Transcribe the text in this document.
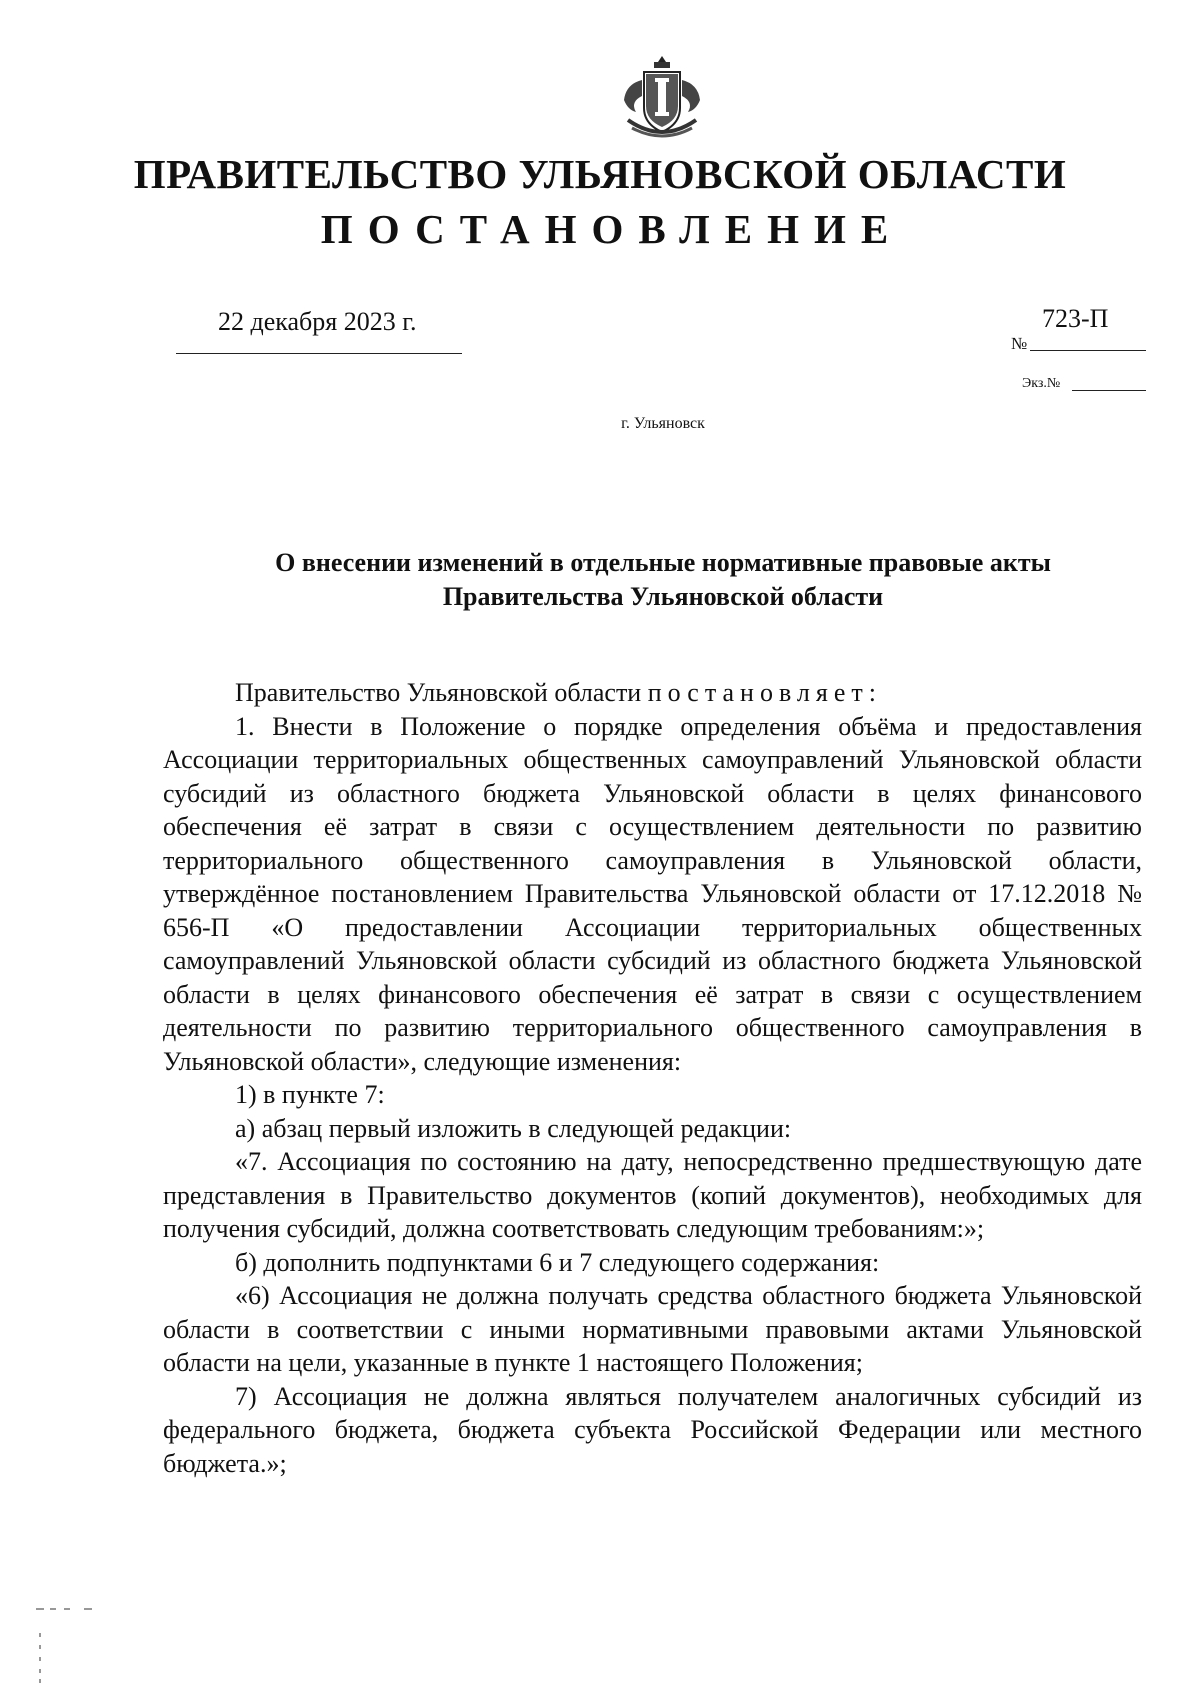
ПРАВИТЕЛЬСТВО УЛЬЯНОВСКОЙ ОБЛАСТИ
ПОСТАНОВЛЕНИЕ
22 декабря 2023 г.
№
723-П
Экз.№
г. Ульяновск
О внесении изменений в отдельные нормативные правовые акты
Правительства Ульяновской области

Правительство Ульяновской области постановляет:

1. Внести в Положение о порядке определения объёма и предоставления Ассоциации территориальных общественных самоуправлений Ульяновской области субсидий из областного бюджета Ульяновской области в целях финансового обеспечения её затрат в связи с осуществлением деятельности по развитию территориального общественного самоуправления в Ульяновской области, утверждённое постановлением Правительства Ульяновской области от 17.12.2018 № 656-П «О предоставлении Ассоциации территориальных общественных самоуправлений Ульяновской области субсидий из областного бюджета Ульяновской области в целях финансового обеспечения её затрат в связи с осуществлением деятельности по развитию территориального общественного самоуправления в Ульяновской области», следующие изменения:

1) в пункте 7:

а) абзац первый изложить в следующей редакции:

«7. Ассоциация по состоянию на дату, непосредственно предшествующую дате представления в Правительство документов (копий документов), необходимых для получения субсидий, должна соответствовать следующим требованиям:»;

б) дополнить подпунктами 6 и 7 следующего содержания:

«6) Ассоциация не должна получать средства областного бюджета Ульяновской области в соответствии с иными нормативными правовыми актами Ульяновской области на цели, указанные в пункте 1 настоящего Положения;

7) Ассоциация не должна являться получателем аналогичных субсидий из федерального бюджета, бюджета субъекта Российской Федерации или местного бюджета.»;
